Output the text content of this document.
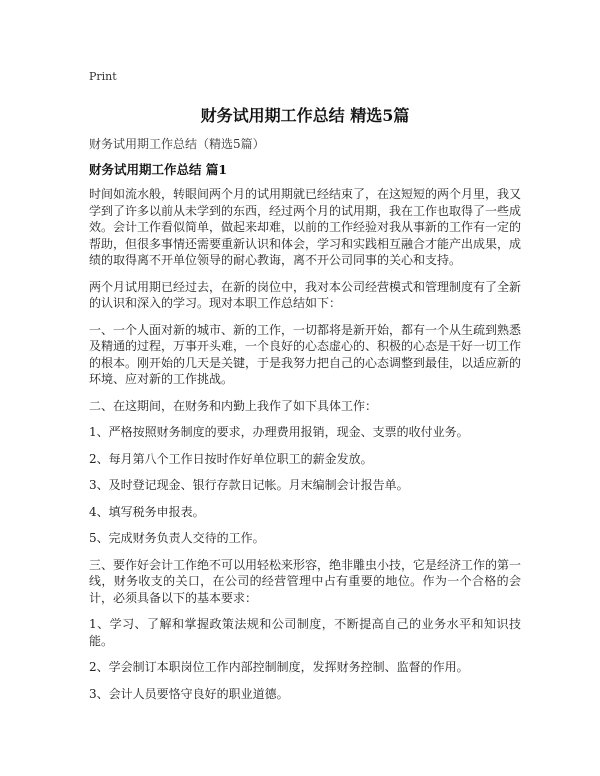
Print
财务试用期工作总结 精选5篇
财务试用期工作总结（精选5篇）
财务试用期工作总结 篇1

时间如流水般，转眼间两个月的试用期就已经结束了，在这短短的两个月里，我又学到了许多以前从未学到的东西，经过两个月的试用期，我在工作也取得了一些成效。会计工作看似简单，做起来却难，以前的工作经验对我从事新的工作有一定的帮助，但很多事情还需要重新认识和体会，学习和实践相互融合才能产出成果，成绩的取得离不开单位领导的耐心教诲，离不开公司同事的关心和支持。

两个月试用期已经过去，在新的岗位中，我对本公司经营模式和管理制度有了全新的认识和深入的学习。现对本职工作总结如下：

一、一个人面对新的城市、新的工作，一切都将是新开始，都有一个从生疏到熟悉及精通的过程，万事开头难，一个良好的心态虚心的、积极的心态是干好一切工作的根本。刚开始的几天是关键，于是我努力把自己的心态调整到最佳，以适应新的环境、应对新的工作挑战。

二、在这期间，在财务和内勤上我作了如下具体工作：

1、严格按照财务制度的要求，办理费用报销，现金、支票的收付业务。

2、每月第八个工作日按时作好单位职工的薪金发放。

3、及时登记现金、银行存款日记帐。月末编制会计报告单。

4、填写税务申报表。

5、完成财务负责人交待的工作。

三、要作好会计工作绝不可以用轻松来形容，绝非雕虫小技，它是经济工作的第一线，财务收支的关口，在公司的经营管理中占有重要的地位。作为一个合格的会计，必须具备以下的基本要求：

1、学习、了解和掌握政策法规和公司制度，不断提高自己的业务水平和知识技能。

2、学会制订本职岗位工作内部控制制度，发挥财务控制、监督的作用。

3、会计人员要恪守良好的职业道德。
